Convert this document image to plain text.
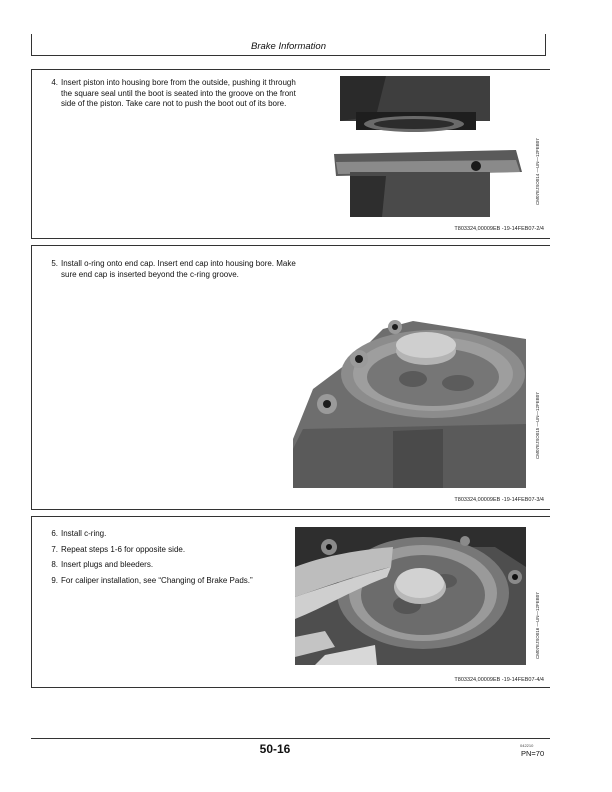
Brake Information
4. Insert piston into housing bore from the outside, pushing it through the square seal until the boot is seated into the groove on the front side of the piston. Take care not to push the boot out of its bore.
CM07EJSO014 —UN—12FEB07
T803324,00009EB -19-14FEB07-2/4
5. Install o-ring onto end cap. Insert end cap into housing bore. Make sure end cap is inserted beyond the c-ring groove.
CM07EJSO015 —UN—12FEB07
T803324,00009EB -19-14FEB07-3/4
6. Install c-ring.
7. Repeat steps 1-6 for opposite side.
8. Insert plugs and bleeders.
9. For caliper installation, see “Changing of Brake Pads.”
CM07EJSO016 —UN—12FEB07
T803324,00009EB -19-14FEB07-4/4
50-16	042210
PN=70
